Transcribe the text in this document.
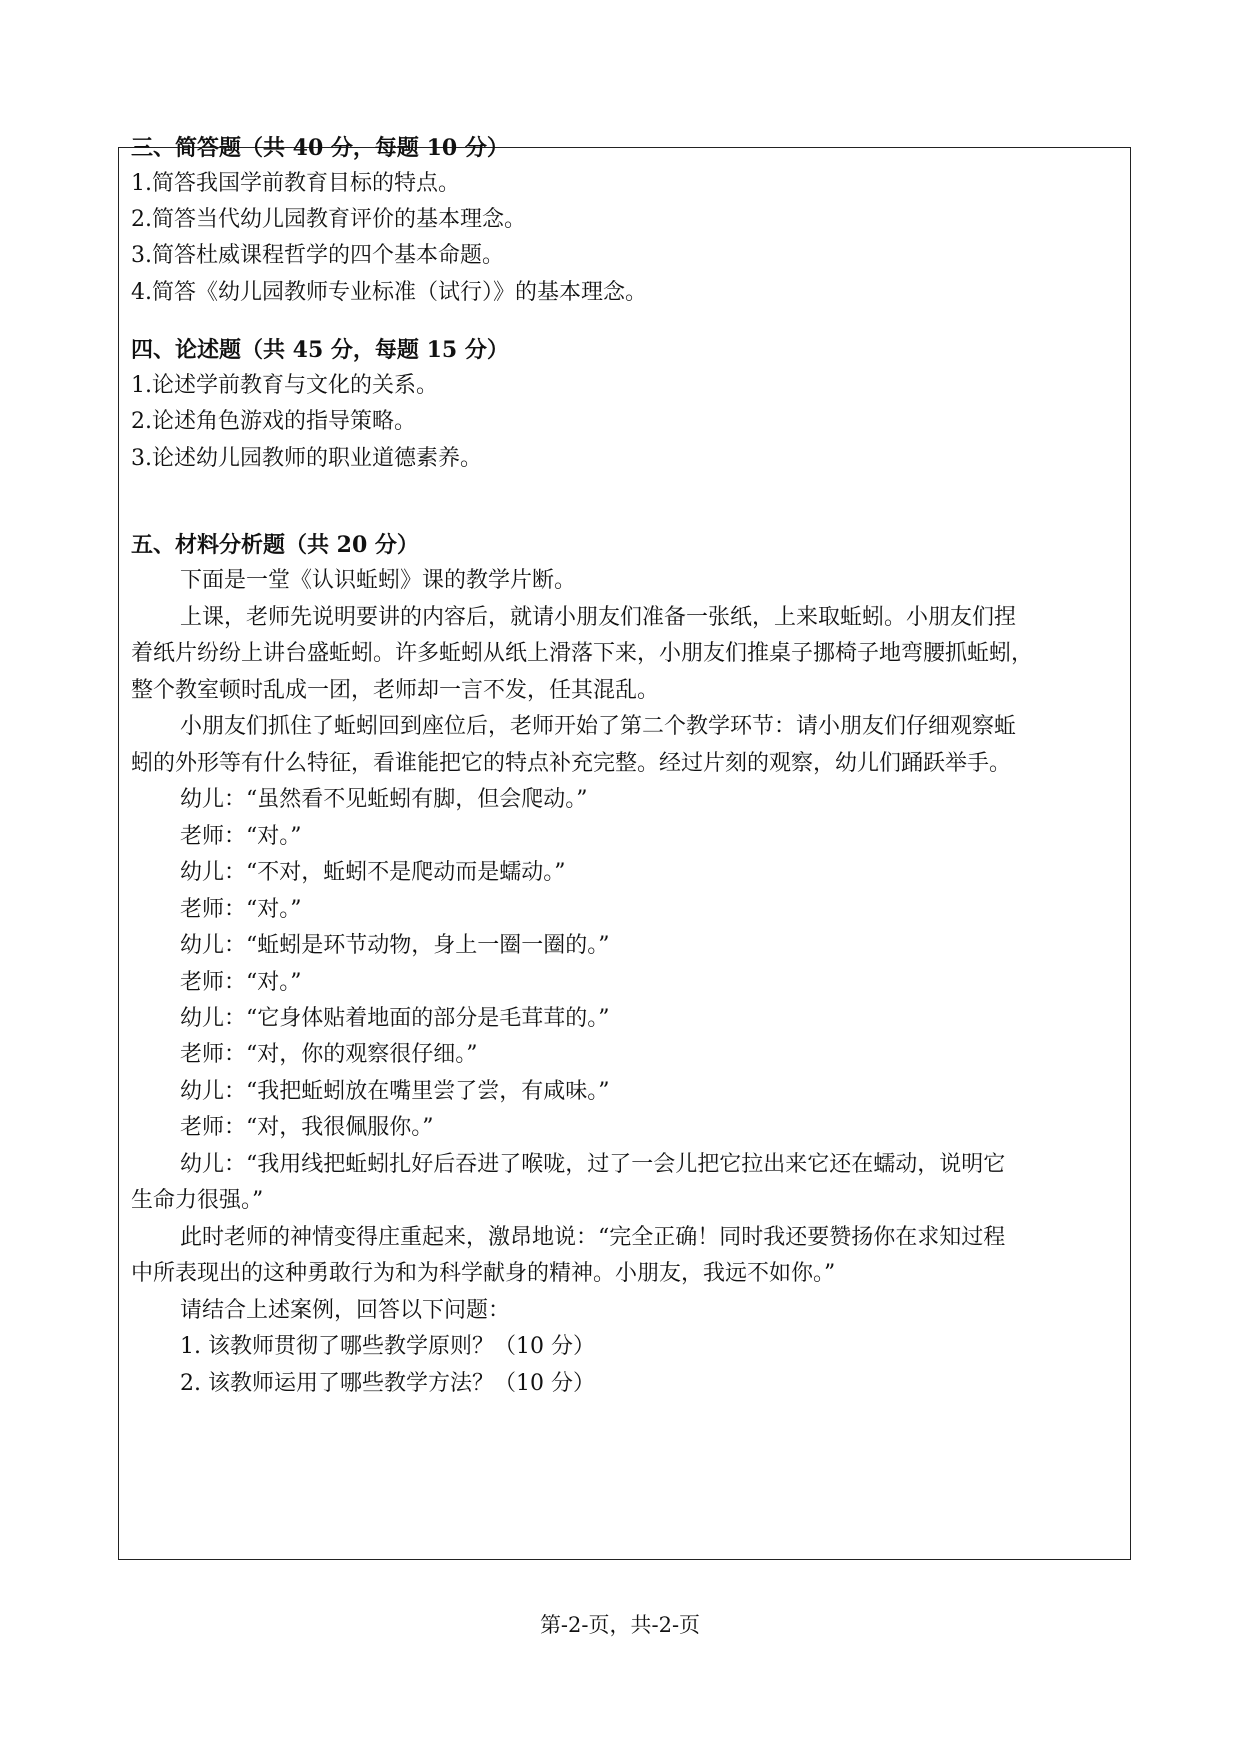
三、简答题（共 40 分，每题 10 分）
1.简答我国学前教育目标的特点。
2.简答当代幼儿园教育评价的基本理念。
3.简答杜威课程哲学的四个基本命题。
4.简答《幼儿园教师专业标准（试行）》的基本理念。
四、论述题（共 45 分，每题 15 分）
1.论述学前教育与文化的关系。
2.论述角色游戏的指导策略。
3.论述幼儿园教师的职业道德素养。
五、材料分析题（共 20 分）
下面是一堂《认识蚯蚓》课的教学片断。
上课，老师先说明要讲的内容后，就请小朋友们准备一张纸，上来取蚯蚓。小朋友们捏
着纸片纷纷上讲台盛蚯蚓。许多蚯蚓从纸上滑落下来，小朋友们推桌子挪椅子地弯腰抓蚯蚓，
整个教室顿时乱成一团，老师却一言不发，任其混乱。
小朋友们抓住了蚯蚓回到座位后，老师开始了第二个教学环节：请小朋友们仔细观察蚯
蚓的外形等有什么特征，看谁能把它的特点补充完整。经过片刻的观察，幼儿们踊跃举手。
幼儿：“虽然看不见蚯蚓有脚，但会爬动。”
老师：“对。”
幼儿：“不对，蚯蚓不是爬动而是蠕动。”
老师：“对。”
幼儿：“蚯蚓是环节动物，身上一圈一圈的。”
老师：“对。”
幼儿：“它身体贴着地面的部分是毛茸茸的。”
老师：“对，你的观察很仔细。”
幼儿：“我把蚯蚓放在嘴里尝了尝，有咸味。”
老师：“对，我很佩服你。”
幼儿：“我用线把蚯蚓扎好后吞进了喉咙，过了一会儿把它拉出来它还在蠕动，说明它
生命力很强。”
此时老师的神情变得庄重起来，激昂地说：“完全正确！同时我还要赞扬你在求知过程
中所表现出的这种勇敢行为和为科学献身的精神。小朋友，我远不如你。”
请结合上述案例，回答以下问题：
1. 该教师贯彻了哪些教学原则？（10 分）
2. 该教师运用了哪些教学方法？（10 分）
第-2-页，共-2-页
